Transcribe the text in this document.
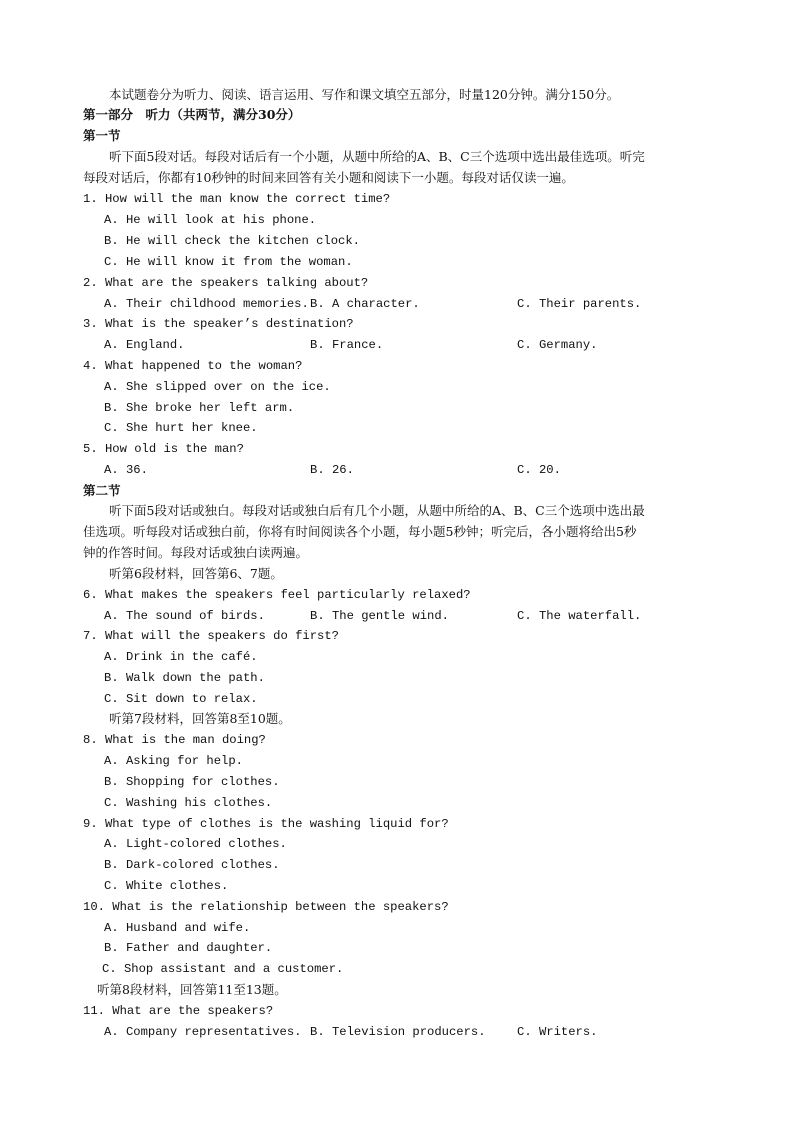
本试题卷分为听力、阅读、语言运用、写作和课文填空五部分，时量120分钟。满分150分。
第一部分　听力（共两节，满分30分）
第一节
听下面5段对话。每段对话后有一个小题，从题中所给的A、B、C三个选项中选出最佳选项。听完
每段对话后，你都有10秒钟的时间来回答有关小题和阅读下一小题。每段对话仅读一遍。
1. How will the man know the correct time?
A. He will look at his phone.
B. He will check the kitchen clock.
C. He will know it from the woman.
2. What are the speakers talking about?
A. Their childhood memories. B. A character.	C. Their parents.
3. What is the speaker’s destination?
A. England.	B. France.	C. Germany.
4. What happened to the woman?
A. She slipped over on the ice.
B. She broke her left arm.
C. She hurt her knee.
5. How old is the man?
A. 36.	B. 26.	C. 20.
第二节
听下面5段对话或独白。每段对话或独白后有几个小题，从题中所给的A、B、C三个选项中选出最
佳选项。听每段对话或独白前，你将有时间阅读各个小题，每小题5秒钟；听完后，各小题将给出5秒
钟的作答时间。每段对话或独白读两遍。
听第6段材料，回答第6、7题。
6. What makes the speakers feel particularly relaxed?
A. The sound of birds.	B. The gentle wind.	C. The waterfall.
7. What will the speakers do first?
A. Drink in the café.
B. Walk down the path.
C. Sit down to relax.
听第7段材料，回答第8至10题。
8. What is the man doing?
A. Asking for help.
B. Shopping for clothes.
C. Washing his clothes.
9. What type of clothes is the washing liquid for?
A. Light-colored clothes.
B. Dark-colored clothes.
C. White clothes.
10. What is the relationship between the speakers?
B. Father and daughter.
A. Husband and wife.
C. Shop assistant and a customer.
听第8段材料，回答第11至13题。
11. What are the speakers?
A. Company representatives. B. Television producers.	C. Writers.
